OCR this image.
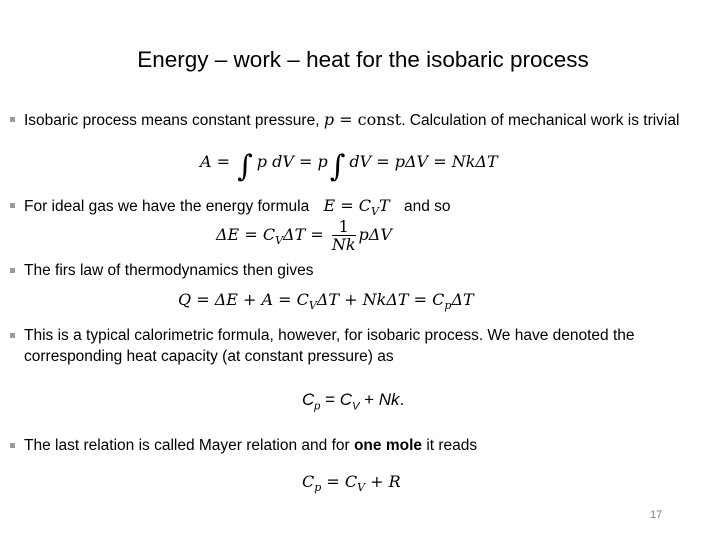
Energy – work – heat for the isobaric process
Isobaric process means constant pressure, p = const. Calculation of mechanical work is trivial
A = ∫ p dV = p∫ dV = pΔV = NkΔT
For ideal gas we have the energy formula $E = C_VT$ and so
$\Delta E = C_V\Delta T = \frac{1}{Nk}$ pΔV
The firs law of thermodynamics then gives
$Q = \Delta E + A = C_V\Delta T + Nk\Delta T = C_p\Delta T$
This is a typical calorimetric formula, however, for isobaric process. We have denoted the corresponding heat capacity (at constant pressure) as
$C_p = C_V + Nk$.
The last relation is called Mayer relation and for one mole it reads
$C_p = C_V + R$
17
